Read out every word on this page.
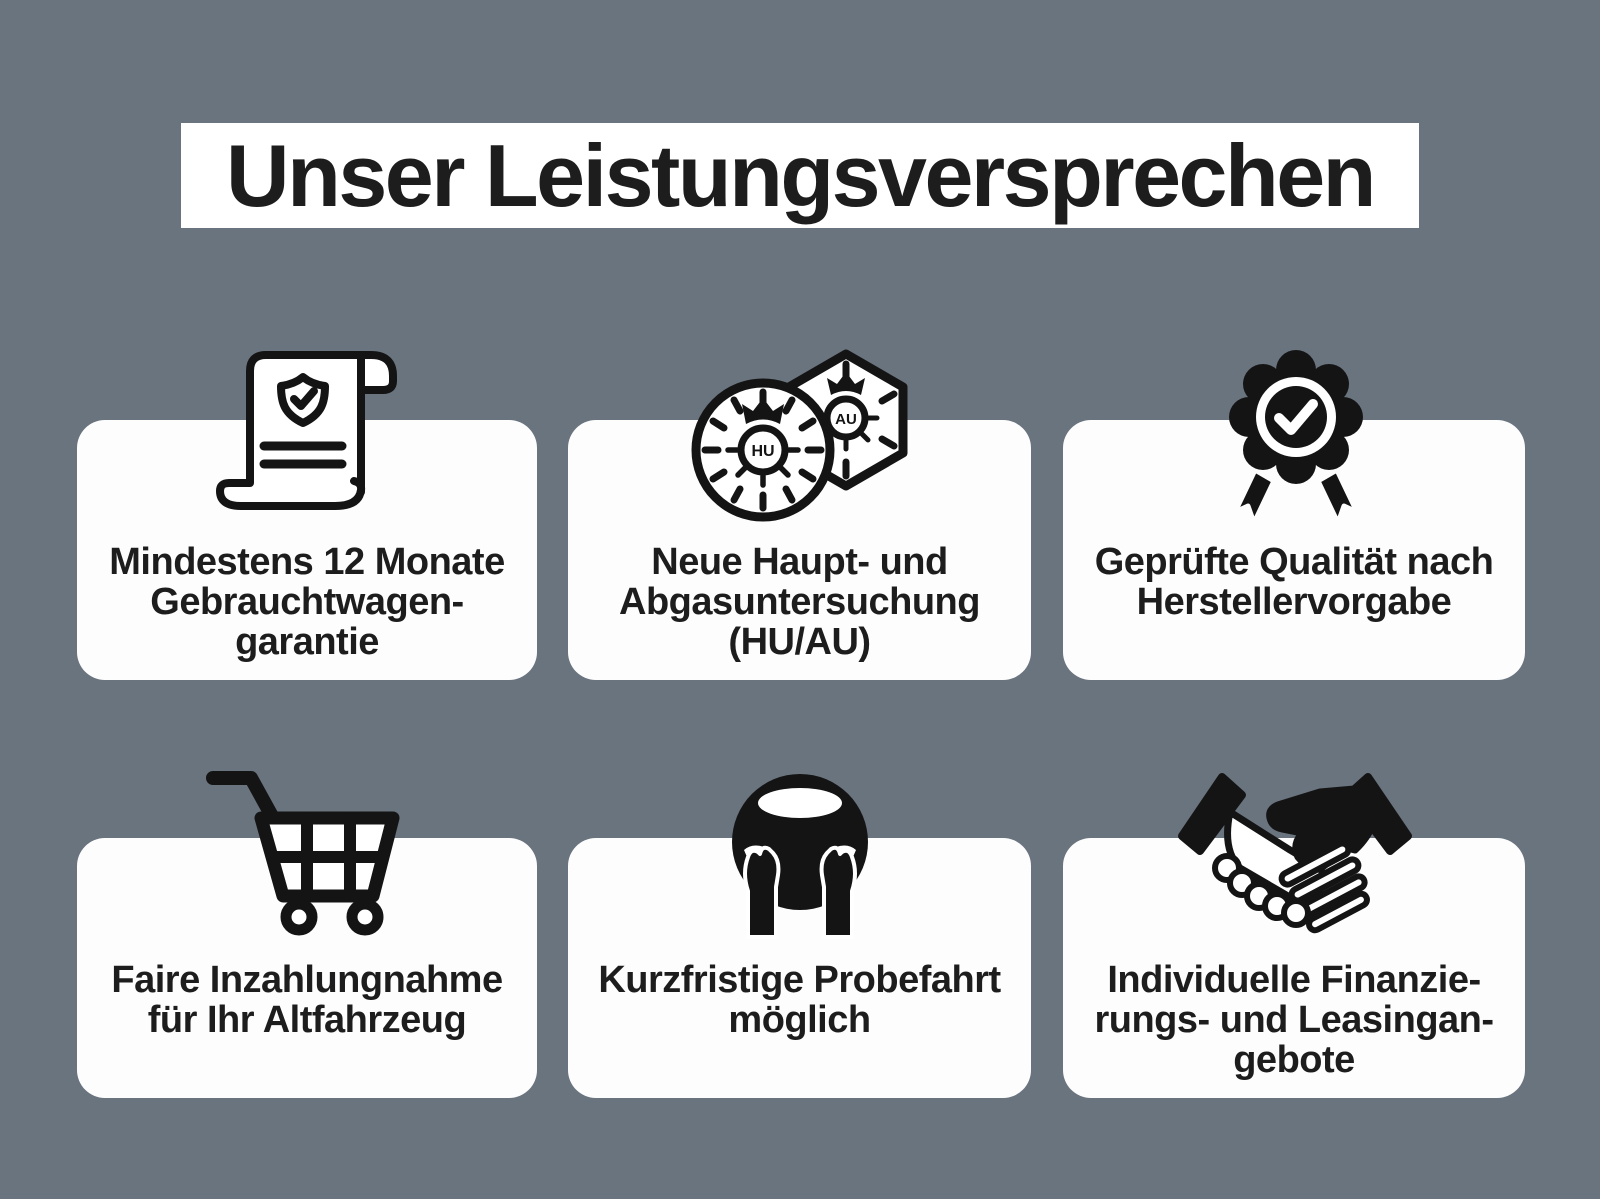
Unser Leistungsversprechen
Mindestens 12 Monate
Gebrauchtwagen-
garantie
Neue Haupt- und
Abgasuntersuchung
(HU/AU)
Geprüfte Qualität nach
Herstellervorgabe
Faire Inzahlungnahme
für Ihr Altfahrzeug
Kurzfristige Probefahrt
möglich
Individuelle Finanzie-
rungs- und Leasingan-
gebote
AU
HU
